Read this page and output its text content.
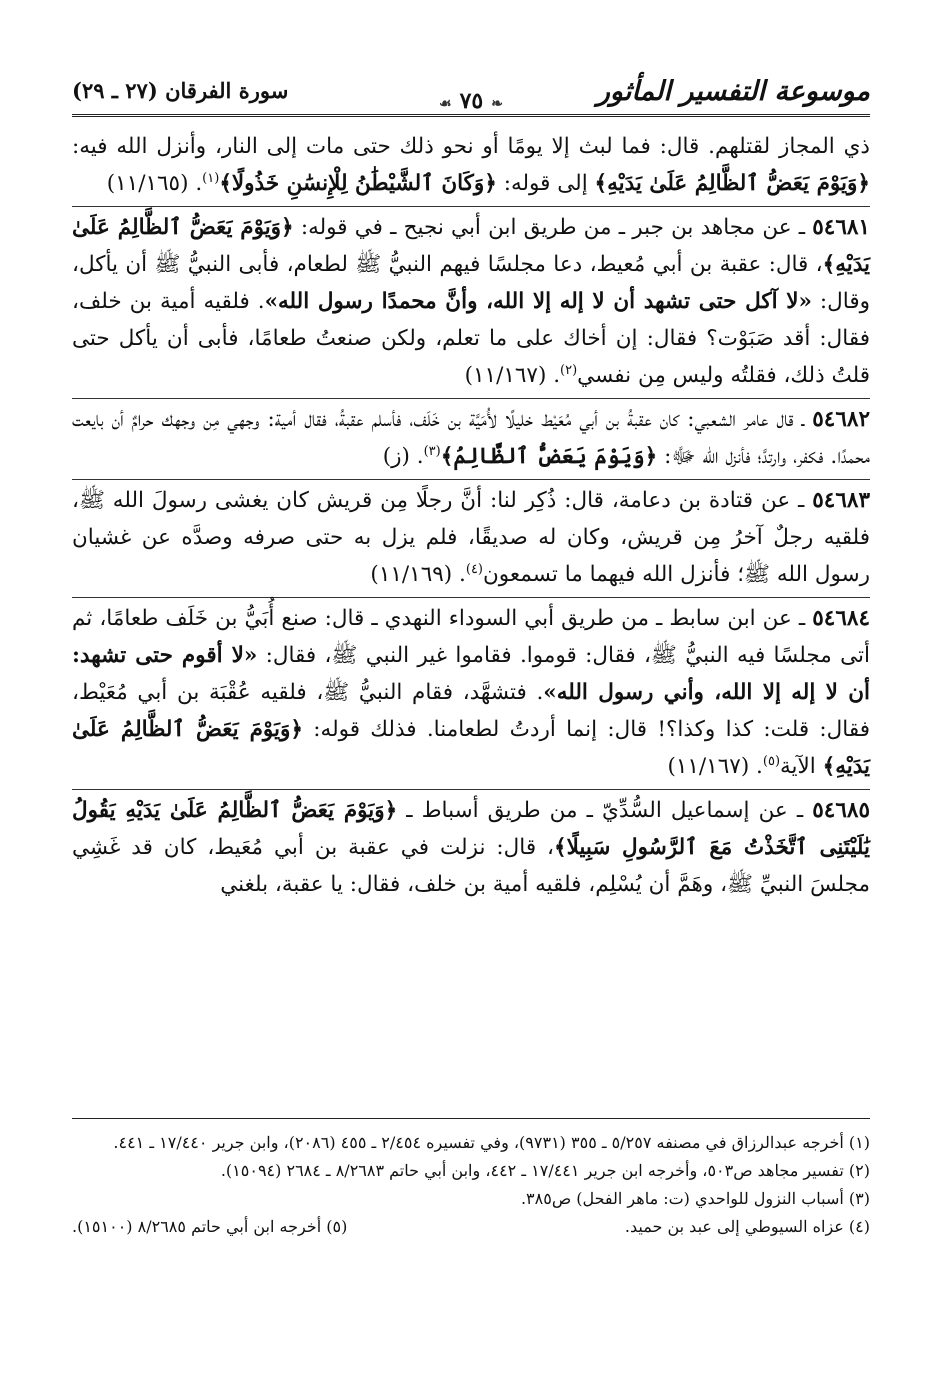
موسوعة التفسير المأثور
❧٧٥☙
سورة الفرقان (٢٧ ـ ٢٩)

ذي المجاز لقتلهم. قال: فما لبث إلا يومًا أو نحو ذلك حتى مات إلى النار، وأنزل الله فيه: ﴿وَيَوْمَ يَعَضُّ ٱلظَّالِمُ عَلَىٰ يَدَيْهِ﴾ إلى قوله: ﴿وَكَانَ ٱلشَّيْطَٰنُ لِلْإِنسَٰنِ خَذُولًا﴾$^{(١)}$. (١١/١٦٥)

٥٤٦٨١ ـ عن مجاهد بن جبر ـ من طريق ابن أبي نجيح ـ في قوله: ﴿وَيَوْمَ يَعَضُّ ٱلظَّالِمُ عَلَىٰ يَدَيْهِ﴾، قال: عقبة بن أبي مُعيط، دعا مجلسًا فيهم النبيُّ ﷺ لطعام، فأبى النبيُّ ﷺ أن يأكل، وقال: «لا آكل حتى تشهد أن لا إله إلا الله، وأنَّ محمدًا رسول الله». فلقيه أمية بن خلف، فقال: أقد صَبَوْت؟ فقال: إن أخاك على ما تعلم، ولكن صنعتُ طعامًا، فأبى أن يأكل حتى قلتُ ذلك، فقلتُه وليس مِن نفسي$^{(٢)}$. (١١/١٦٧)

٥٤٦٨٢ ـ قال عامر الشعبي: كان عقبةُ بن أبي مُعَيْط خليلًا لأُمَيَّة بن خَلَف، فأسلم عقبةُ، فقال أمية: وجهي مِن وجهك حرامٌ أن بايعت محمدًا. فكفر، وارتدَّ؛ فأنزل الله ﷻ: ﴿وَيَوْمَ يَعَضُّ ٱلظَّالِمُ﴾$^{(٣)}$. (ز)

٥٤٦٨٣ ـ عن قتادة بن دعامة، قال: ذُكِر لنا: أنَّ رجلًا مِن قريش كان يغشى رسولَ الله ﷺ، فلقيه رجلٌ آخرُ مِن قريش، وكان له صديقًا، فلم يزل به حتى صرفه وصدَّه عن غشيان رسول الله ﷺ؛ فأنزل الله فيهما ما تسمعون$^{(٤)}$. (١١/١٦٩)

٥٤٦٨٤ ـ عن ابن سابط ـ من طريق أبي السوداء النهدي ـ قال: صنع أُبَيُّ بن خَلَف طعامًا، ثم أتى مجلسًا فيه النبيُّ ﷺ، فقال: قوموا. فقاموا غير النبي ﷺ، فقال: «لا أقوم حتى تشهد: أن لا إله إلا الله، وأني رسول الله». فتشهَّد، فقام النبيُّ ﷺ، فلقيه عُقْبَة بن أبي مُعَيْط، فقال: قلت: كذا وكذا؟! قال: إنما أردتُ لطعامنا. فذلك قوله: ﴿وَيَوْمَ يَعَضُّ ٱلظَّالِمُ عَلَىٰ يَدَيْهِ﴾ الآية$^{(٥)}$. (١١/١٦٧)

٥٤٦٨٥ ـ عن إسماعيل السُّدِّيّ ـ من طريق أسباط ـ ﴿وَيَوْمَ يَعَضُّ ٱلظَّالِمُ عَلَىٰ يَدَيْهِ يَقُولُ يَٰلَيْتَنِى ٱتَّخَذْتُ مَعَ ٱلرَّسُولِ سَبِيلًا﴾، قال: نزلت في عقبة بن أبي مُعَيط، كان قد غَشِي مجلسَ النبيِّ ﷺ، وهَمَّ أن يُسْلِم، فلقيه أمية بن خلف، فقال: يا عقبة، بلغني

(١) أخرجه عبدالرزاق في مصنفه ٥/٢٥٧ ـ ٣٥٥ (٩٧٣١)، وفي تفسيره ٢/٤٥٤ ـ ٤٥٥ (٢٠٨٦)، وابن جرير ١٧/٤٤٠ ـ ٤٤١.

(٢) تفسير مجاهد ص٥٠٣، وأخرجه ابن جرير ١٧/٤٤١ ـ ٤٤٢، وابن أبي حاتم ٨/٢٦٨٣ ـ ٢٦٨٤ (١٥٠٩٤).

(٣) أسباب النزول للواحدي (ت: ماهر الفحل) ص٣٨٥.

(٤) عزاه السيوطي إلى عبد بن حميد.
(٥) أخرجه ابن أبي حاتم ٨/٢٦٨٥ (١٥١٠٠).
